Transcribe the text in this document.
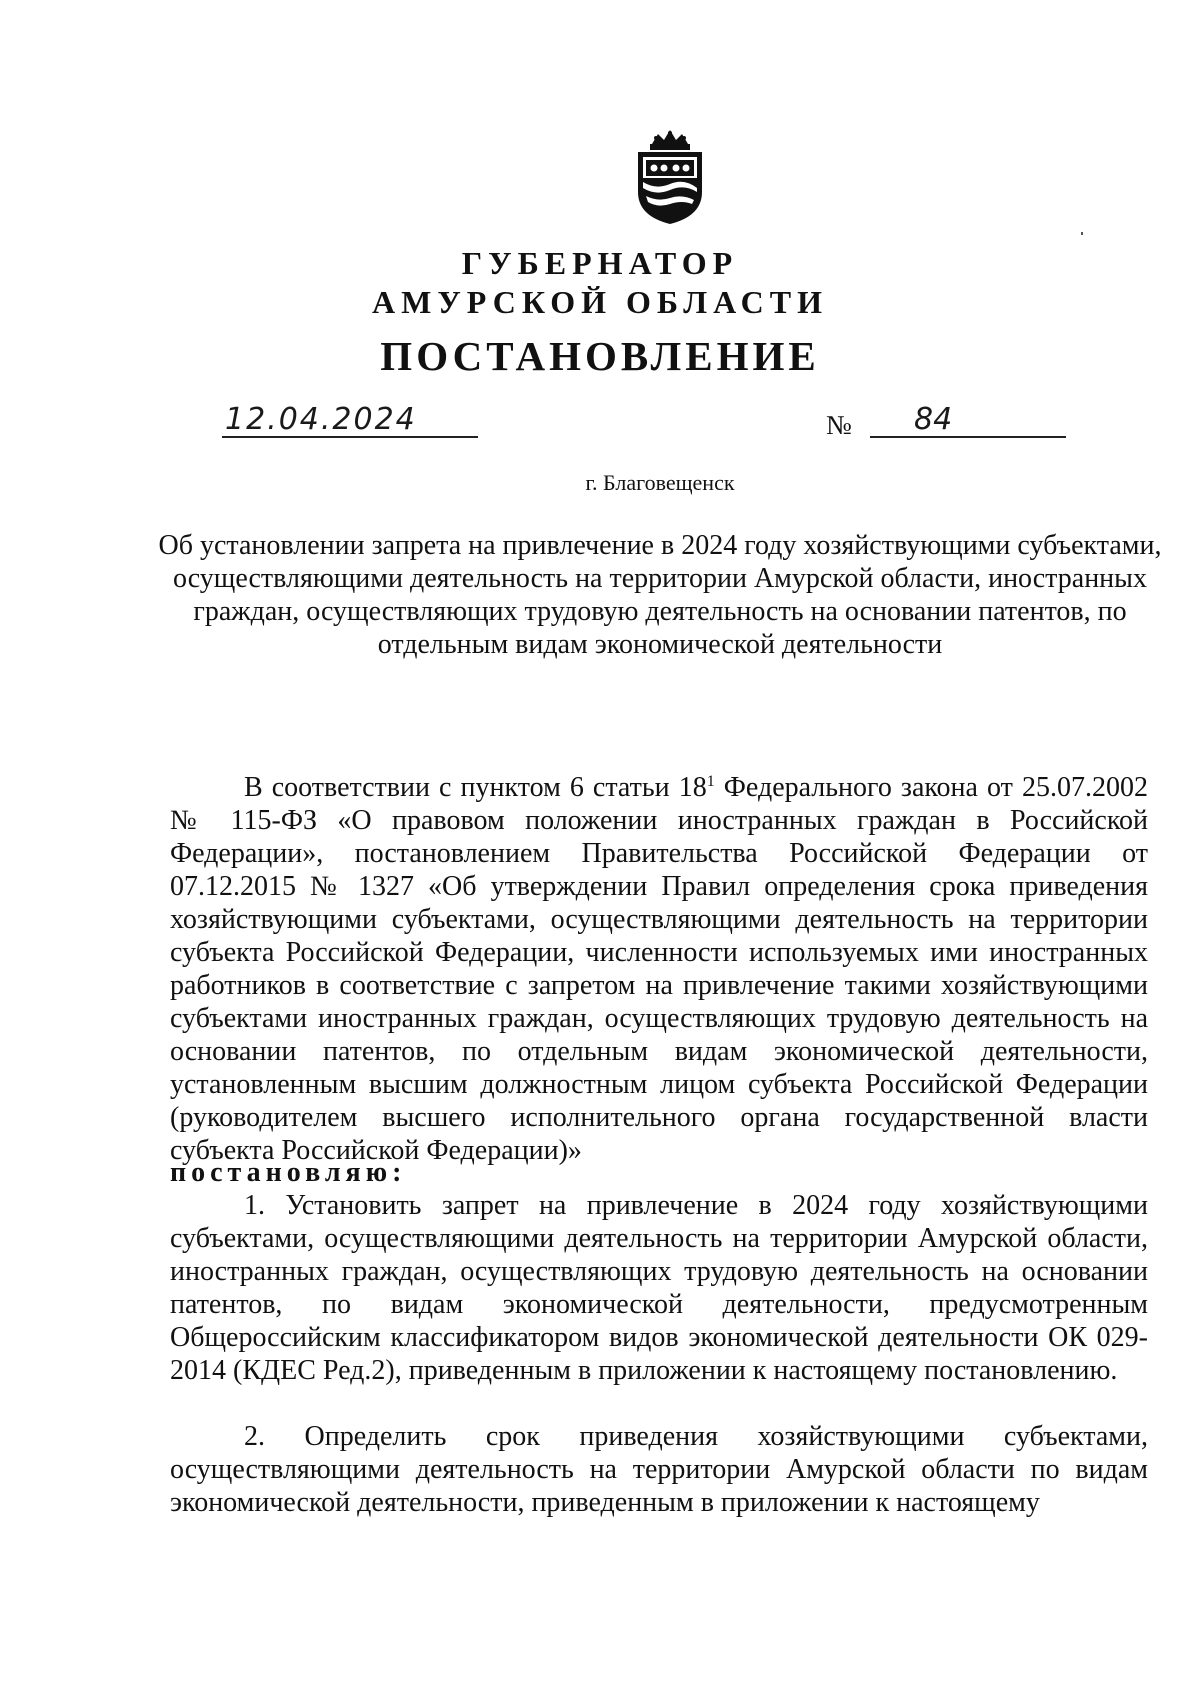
ГУБЕРНАТОР
АМУРСКОЙ ОБЛАСТИ
ПОСТАНОВЛЕНИЕ
12.04.2024	№ 84
г. Благовещенск
Об установлении запрета на привлечение в 2024 году хозяйствующими субъектами, осуществляющими деятельность на территории Амурской области, иностранных граждан, осуществляющих трудовую деятельность на основании патентов, по отдельным видам экономической деятельности
В соответствии с пунктом 6 статьи $18^1$ Федерального закона от 25.07.2002 № 115-ФЗ «О правовом положении иностранных граждан в Российской Федерации», постановлением Правительства Российской Федерации от 07.12.2015 № 1327 «Об утверждении Правил определения срока приведения хозяйствующими субъектами, осуществляющими деятельность на территории субъекта Российской Федерации, численности используемых ими иностранных работников в соответствие с запретом на привлечение такими хозяйствующими субъектами иностранных граждан, осуществляющих трудовую деятельность на основании патентов, по отдельным видам экономической деятельности, установленным высшим должностным лицом субъекта Российской Федерации (руководителем высшего исполнительного органа государственной власти субъекта Российской Федерации)»
постановляю:
1. Установить запрет на привлечение в 2024 году хозяйствующими субъектами, осуществляющими деятельность на территории Амурской области, иностранных граждан, осуществляющих трудовую деятельность на основании патентов, по видам экономической деятельности, предусмотренным Общероссийским классификатором видов экономической деятельности ОК 029-2014 (КДЕС Ред.2), приведенным в приложении к настоящему постановлению.
2. Определить срок приведения хозяйствующими субъектами, осуществляющими деятельность на территории Амурской области по видам экономической деятельности, приведенным в приложении к настоящему
